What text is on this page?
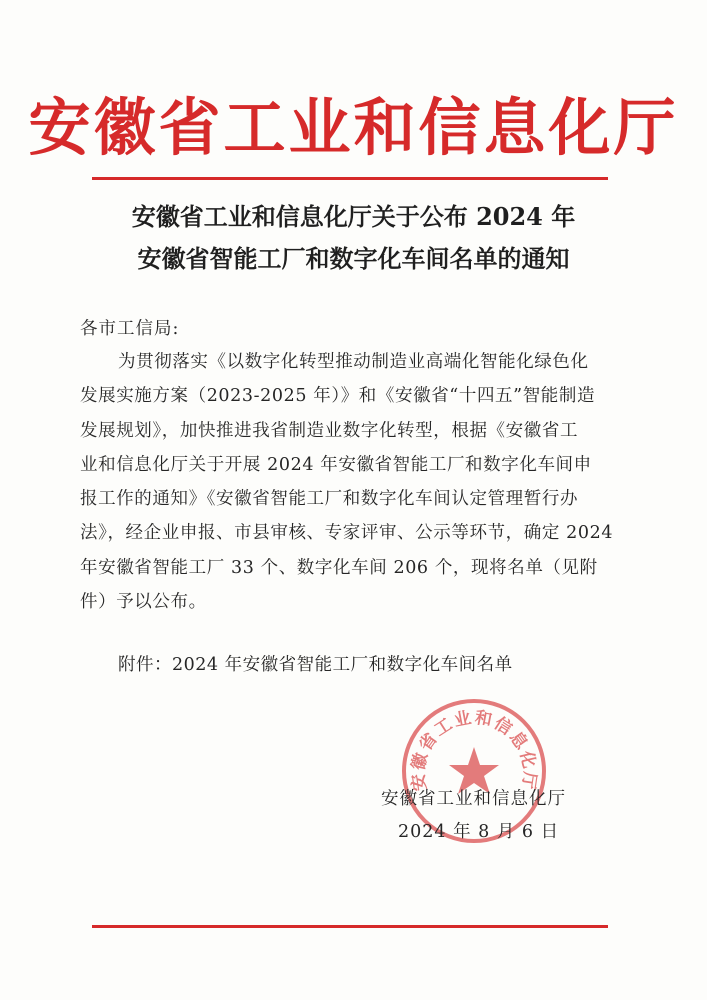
安徽省工业和信息化厅
安徽省工业和信息化厅关于公布 2024 年
安徽省智能工厂和数字化车间名单的通知
各市工信局:
为贯彻落实《以数字化转型推动制造业高端化智能化绿色化
发展实施方案（2023-2025 年）》和《安徽省“十四五”智能制造
发展规划》，加快推进我省制造业数字化转型，根据《安徽省工
业和信息化厅关于开展 2024 年安徽省智能工厂和数字化车间申
报工作的通知》《安徽省智能工厂和数字化车间认定管理暂行办
法》，经企业申报、市县审核、专家评审、公示等环节，确定 2024
年安徽省智能工厂 33 个、数字化车间 206 个，现将名单（见附
件）予以公布。
附件：2024 年安徽省智能工厂和数字化车间名单
安徽省工业和信息化厅
安徽省工业和信息化厅
2024 年 8 月 6 日
